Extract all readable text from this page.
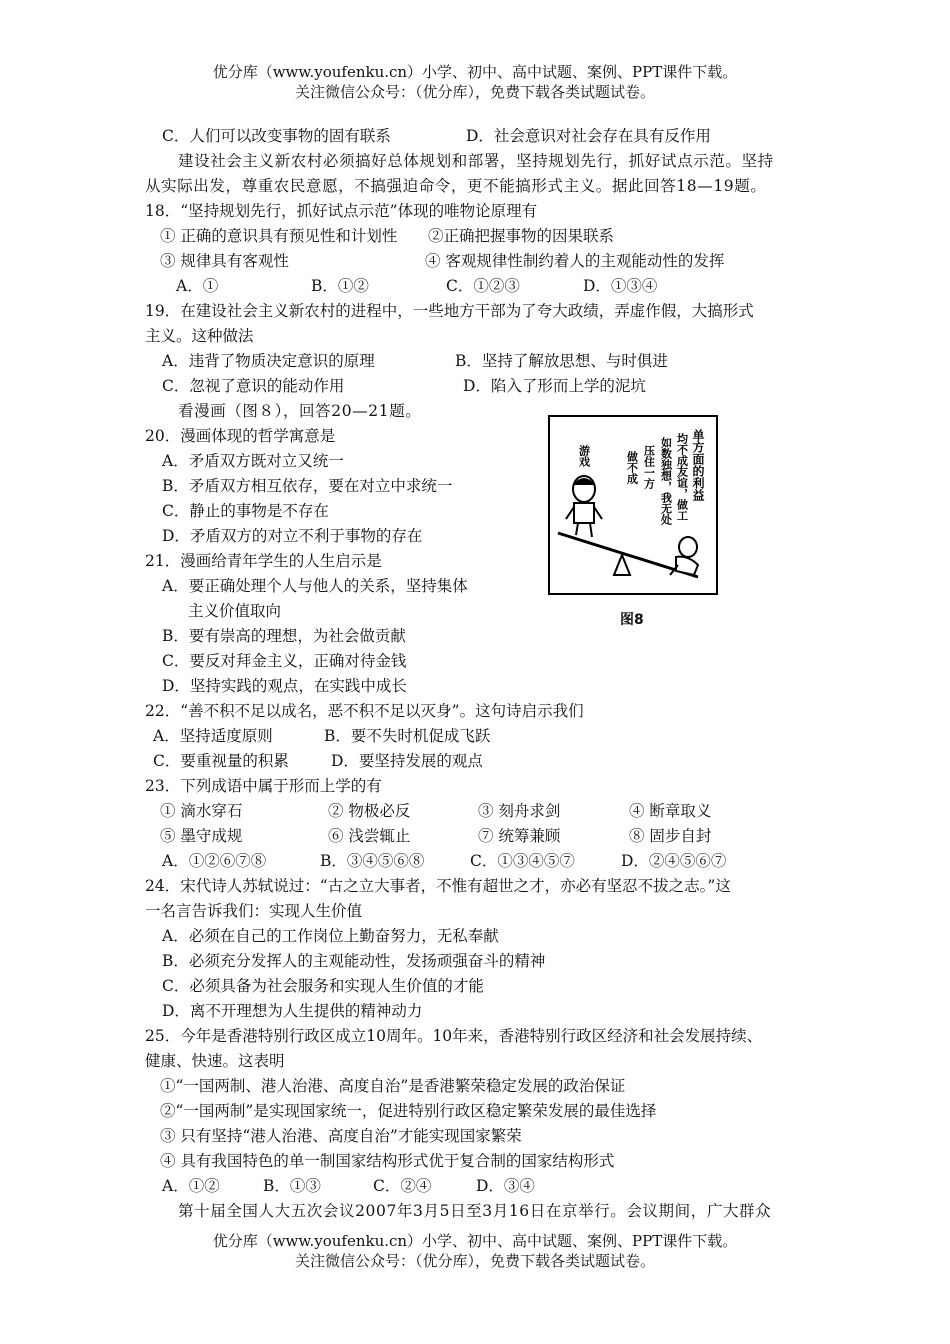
优分库（www.youfenku.cn）小学、初中、高中试题、案例、PPT课件下载。
关注微信公众号：（优分库），免费下载各类试题试卷。
C．人们可以改变事物的固有联系	D．社会意识对社会存在具有反作用
建设社会主义新农村必须搞好总体规划和部署，坚持规划先行，抓好试点示范。坚持
从实际出发，尊重农民意愿，不搞强迫命令，更不能搞形式主义。据此回答18—19题。
18．“坚持规划先行，抓好试点示范”体现的唯物论原理有
① 正确的意识具有预见性和计划性 ②正确把握事物的因果联系
③ 规律具有客观性	④ 客观规律性制约着人的主观能动性的发挥
A．①	B．①②	C．①②③	D．①③④
19．在建设社会主义新农村的进程中，一些地方干部为了夸大政绩，弄虚作假，大搞形式
主义。这种做法
A．违背了物质决定意识的原理	B．坚持了解放思想、与时俱进
C．忽视了意识的能动作用	D．陷入了形而上学的泥坑
看漫画（图８），回答20—21题。
20．漫画体现的哲学寓意是
A．矛盾双方既对立又统一
B．矛盾双方相互依存，要在对立中求统一
C．静止的事物是不存在
D．矛盾双方的对立不利于事物的存在
21．漫画给青年学生的人生启示是
A．要正确处理个人与他人的关系，坚持集体
主义价值取向
B．要有崇高的理想，为社会做贡献
C．要反对拜金主义，正确对待金钱
D．坚持实践的观点，在实践中成长
单方面的利益
均不成友谊，做工
如数独想，我无处
压住一方
做不成
游戏
图8
22．“善不积不足以成名，恶不积不足以灭身”。这句诗启示我们
A．坚持适度原则	B．要不失时机促成飞跃
C．要重视量的积累	D．要坚持发展的观点
23．下列成语中属于形而上学的有
① 滴水穿石	② 物极必反	③ 刻舟求剑	④ 断章取义
⑤ 墨守成规	⑥ 浅尝辄止	⑦ 统筹兼顾	⑧ 固步自封
A．①②⑥⑦⑧	B．③④⑤⑥⑧	C．①③④⑤⑦	D．②④⑤⑥⑦
24．宋代诗人苏轼说过：“古之立大事者，不惟有超世之才，亦必有坚忍不拔之志。”这
一名言告诉我们：实现人生价值
A．必须在自己的工作岗位上勤奋努力，无私奉献
B．必须充分发挥人的主观能动性，发扬顽强奋斗的精神
C．必须具备为社会服务和实现人生价值的才能
D．离不开理想为人生提供的精神动力
25．今年是香港特别行政区成立10周年。10年来，香港特别行政区经济和社会发展持续、
健康、快速。这表明
①“一国两制、港人治港、高度自治”是香港繁荣稳定发展的政治保证
②“一国两制”是实现国家统一，促进特别行政区稳定繁荣发展的最佳选择
③ 只有坚持“港人治港、高度自治”才能实现国家繁荣
④ 具有我国特色的单一制国家结构形式优于复合制的国家结构形式
A．①②	B．①③	C．②④	D．③④
第十届全国人大五次会议2007年3月5日至3月16日在京举行。会议期间，广大群众
优分库（www.youfenku.cn）小学、初中、高中试题、案例、PPT课件下载。
关注微信公众号：（优分库），免费下载各类试题试卷。
